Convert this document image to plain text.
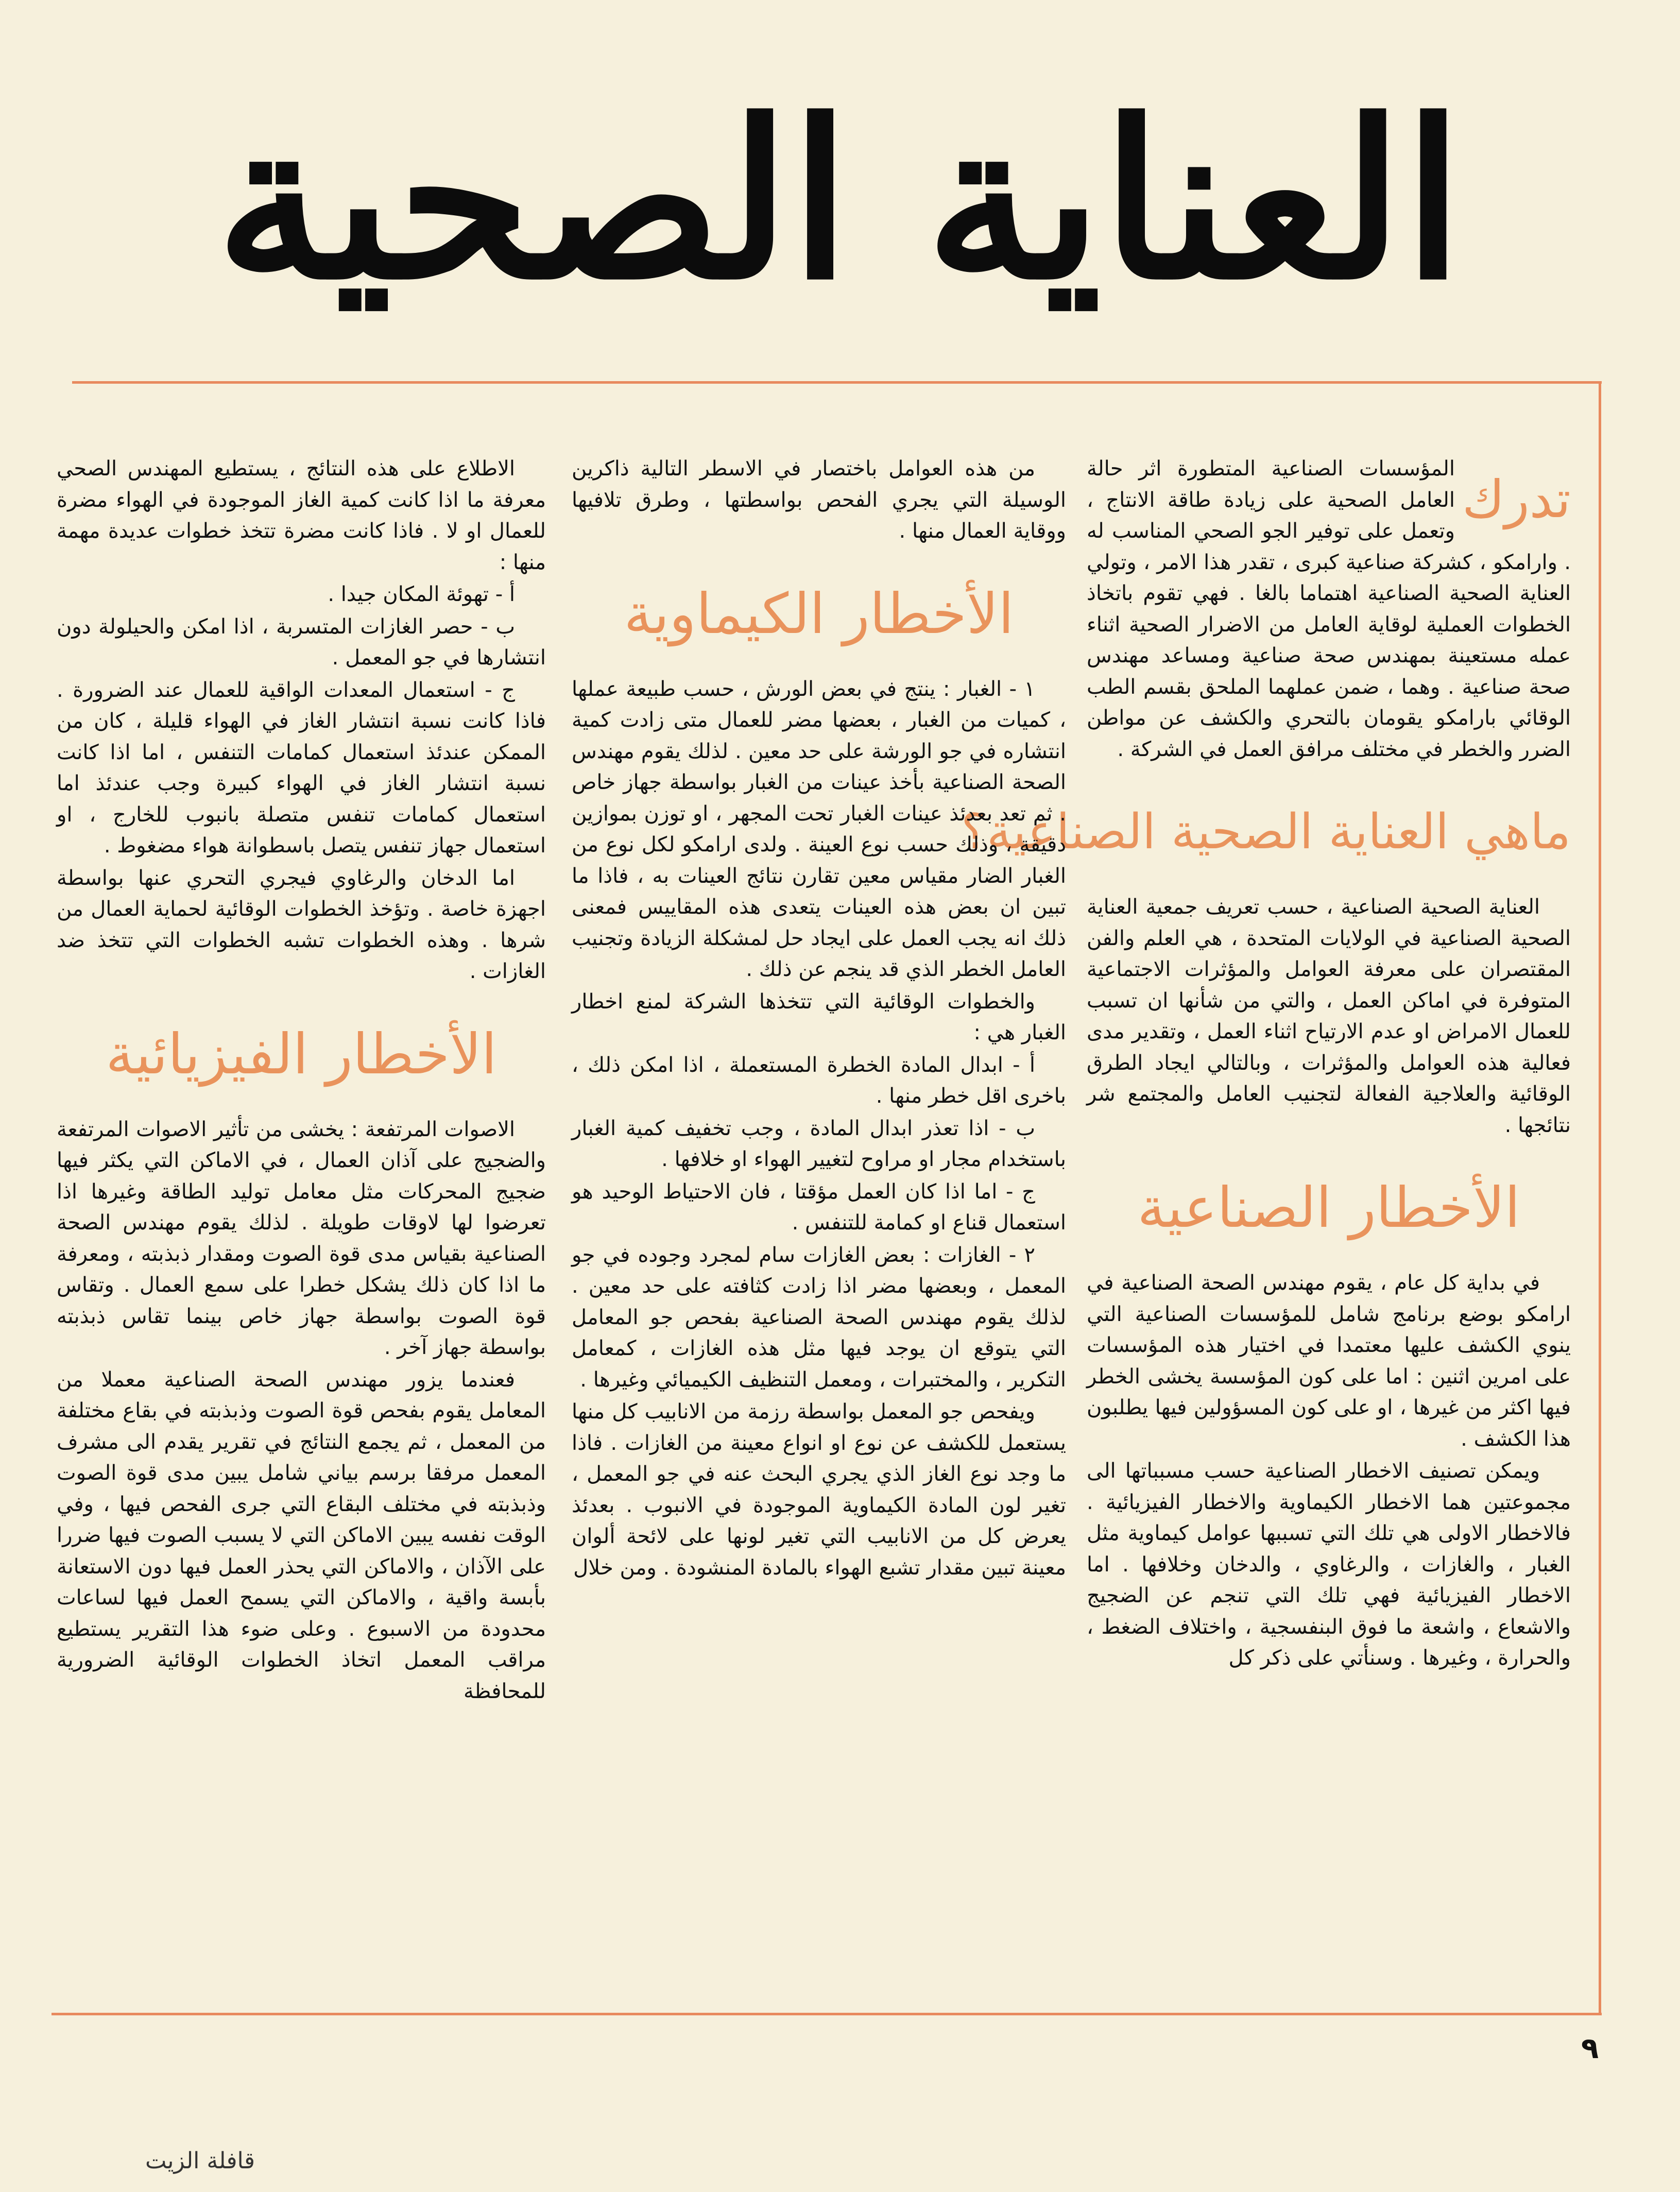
العناية الصحية
تدرك

المؤسسات الصناعية المتطورة اثر حالة العامل الصحية على زيادة طاقة الانتاج ، وتعمل على توفير الجو الصحي المناسب له . وارامكو ، كشركة صناعية كبرى ، تقدر هذا الامر ، وتولي العناية الصحية الصناعية اهتماما بالغا . فهي تقوم باتخاذ الخطوات العملية لوقاية العامل من الاضرار الصحية اثناء عمله مستعينة بمهندس صحة صناعية ومساعد مهندس صحة صناعية . وهما ، ضمن عملهما الملحق بقسم الطب الوقائي بارامكو يقومان بالتحري والكشف عن مواطن الضرر والخطر في مختلف مرافق العمل في الشركة .

ماهي العناية الصحية الصناعية؟

العناية الصحية الصناعية ، حسب تعريف جمعية العناية الصحية الصناعية في الولايات المتحدة ، هي العلم والفن المقتصران على معرفة العوامل والمؤثرات الاجتماعية المتوفرة في اماكن العمل ، والتي من شأنها ان تسبب للعمال الامراض او عدم الارتياح اثناء العمل ، وتقدير مدى فعالية هذه العوامل والمؤثرات ، وبالتالي ايجاد الطرق الوقائية والعلاجية الفعالة لتجنيب العامل والمجتمع شر نتائجها .

الأخطار الصناعية

في بداية كل عام ، يقوم مهندس الصحة الصناعية في ارامكو بوضع برنامج شامل للمؤسسات الصناعية التي ينوي الكشف عليها معتمدا في اختيار هذه المؤسسات على امرين اثنين : اما على كون المؤسسة يخشى الخطر فيها اكثر من غيرها ، او على كون المسؤولين فيها يطلبون هذا الكشف .

ويمكن تصنيف الاخطار الصناعية حسب مسبباتها الى مجموعتين هما الاخطار الكيماوية والاخطار الفيزيائية . فالاخطار الاولى هي تلك التي تسببها عوامل كيماوية مثل الغبار ، والغازات ، والرغاوي ، والدخان وخلافها . اما الاخطار الفيزيائية فهي تلك التي تنجم عن الضجيج والاشعاع ، واشعة ما فوق البنفسجية ، واختلاف الضغط ، والحرارة ، وغيرها . وسنأتي على ذكر كل

من هذه العوامل باختصار في الاسطر التالية ذاكرين الوسيلة التي يجري الفحص بواسطتها ، وطرق تلافيها ووقاية العمال منها .

الأخطار الكيماوية

١ - الغبار : ينتج في بعض الورش ، حسب طبيعة عملها ، كميات من الغبار ، بعضها مضر للعمال متى زادت كمية انتشاره في جو الورشة على حد معين . لذلك يقوم مهندس الصحة الصناعية بأخذ عينات من الغبار بواسطة جهاز خاص . ثم تعد بعدئذ عينات الغبار تحت المجهر ، او توزن بموازين دقيقة ، وذلك حسب نوع العينة . ولدى ارامكو لكل نوع من الغبار الضار مقياس معين تقارن نتائج العينات به ، فاذا ما تبين ان بعض هذه العينات يتعدى هذه المقاييس فمعنى ذلك انه يجب العمل على ايجاد حل لمشكلة الزيادة وتجنيب العامل الخطر الذي قد ينجم عن ذلك .

والخطوات الوقائية التي تتخذها الشركة لمنع اخطار الغبار هي :

أ - ابدال المادة الخطرة المستعملة ، اذا امكن ذلك ، باخرى اقل خطر منها .

ب - اذا تعذر ابدال المادة ، وجب تخفيف كمية الغبار باستخدام مجار او مراوح لتغيير الهواء او خلافها .

ج - اما اذا كان العمل مؤقتا ، فان الاحتياط الوحيد هو استعمال قناع او كمامة للتنفس .

٢ - الغازات : بعض الغازات سام لمجرد وجوده في جو المعمل ، وبعضها مضر اذا زادت كثافته على حد معين . لذلك يقوم مهندس الصحة الصناعية بفحص جو المعامل التي يتوقع ان يوجد فيها مثل هذه الغازات ، كمعامل التكرير ، والمختبرات ، ومعمل التنظيف الكيميائي وغيرها .

ويفحص جو المعمل بواسطة رزمة من الانابيب كل منها يستعمل للكشف عن نوع او انواع معينة من الغازات . فاذا ما وجد نوع الغاز الذي يجري البحث عنه في جو المعمل ، تغير لون المادة الكيماوية الموجودة في الانبوب . بعدئذ يعرض كل من الانابيب التي تغير لونها على لائحة ألوان معينة تبين مقدار تشبع الهواء بالمادة المنشودة . ومن خلال

الاطلاع على هذه النتائج ، يستطيع المهندس الصحي معرفة ما اذا كانت كمية الغاز الموجودة في الهواء مضرة للعمال او لا . فاذا كانت مضرة تتخذ خطوات عديدة مهمة منها :

أ - تهوئة المكان جيدا .

ب - حصر الغازات المتسربة ، اذا امكن والحيلولة دون انتشارها في جو المعمل .

ج - استعمال المعدات الواقية للعمال عند الضرورة . فاذا كانت نسبة انتشار الغاز في الهواء قليلة ، كان من الممكن عندئذ استعمال كمامات التنفس ، اما اذا كانت نسبة انتشار الغاز في الهواء كبيرة وجب عندئذ اما استعمال كمامات تنفس متصلة بانبوب للخارج ، او استعمال جهاز تنفس يتصل باسطوانة هواء مضغوط .

اما الدخان والرغاوي فيجري التحري عنها بواسطة اجهزة خاصة . وتؤخذ الخطوات الوقائية لحماية العمال من شرها . وهذه الخطوات تشبه الخطوات التي تتخذ ضد الغازات .

الأخطار الفيزيائية

الاصوات المرتفعة : يخشى من تأثير الاصوات المرتفعة والضجيج على آذان العمال ، في الاماكن التي يكثر فيها ضجيج المحركات مثل معامل توليد الطاقة وغيرها اذا تعرضوا لها لاوقات طويلة . لذلك يقوم مهندس الصحة الصناعية بقياس مدى قوة الصوت ومقدار ذبذبته ، ومعرفة ما اذا كان ذلك يشكل خطرا على سمع العمال . وتقاس قوة الصوت بواسطة جهاز خاص بينما تقاس ذبذبته بواسطة جهاز آخر .

فعندما يزور مهندس الصحة الصناعية معملا من المعامل يقوم بفحص قوة الصوت وذبذبته في بقاع مختلفة من المعمل ، ثم يجمع النتائج في تقرير يقدم الى مشرف المعمل مرفقا برسم بياني شامل يبين مدى قوة الصوت وذبذبته في مختلف البقاع التي جرى الفحص فيها ، وفي الوقت نفسه يبين الاماكن التي لا يسبب الصوت فيها ضررا على الآذان ، والاماكن التي يحذر العمل فيها دون الاستعانة بأبسة واقية ، والاماكن التي يسمح العمل فيها لساعات محدودة من الاسبوع . وعلى ضوء هذا التقرير يستطيع مراقب المعمل اتخاذ الخطوات الوقائية الضرورية للمحافظة

٩
قافلة الزيت
